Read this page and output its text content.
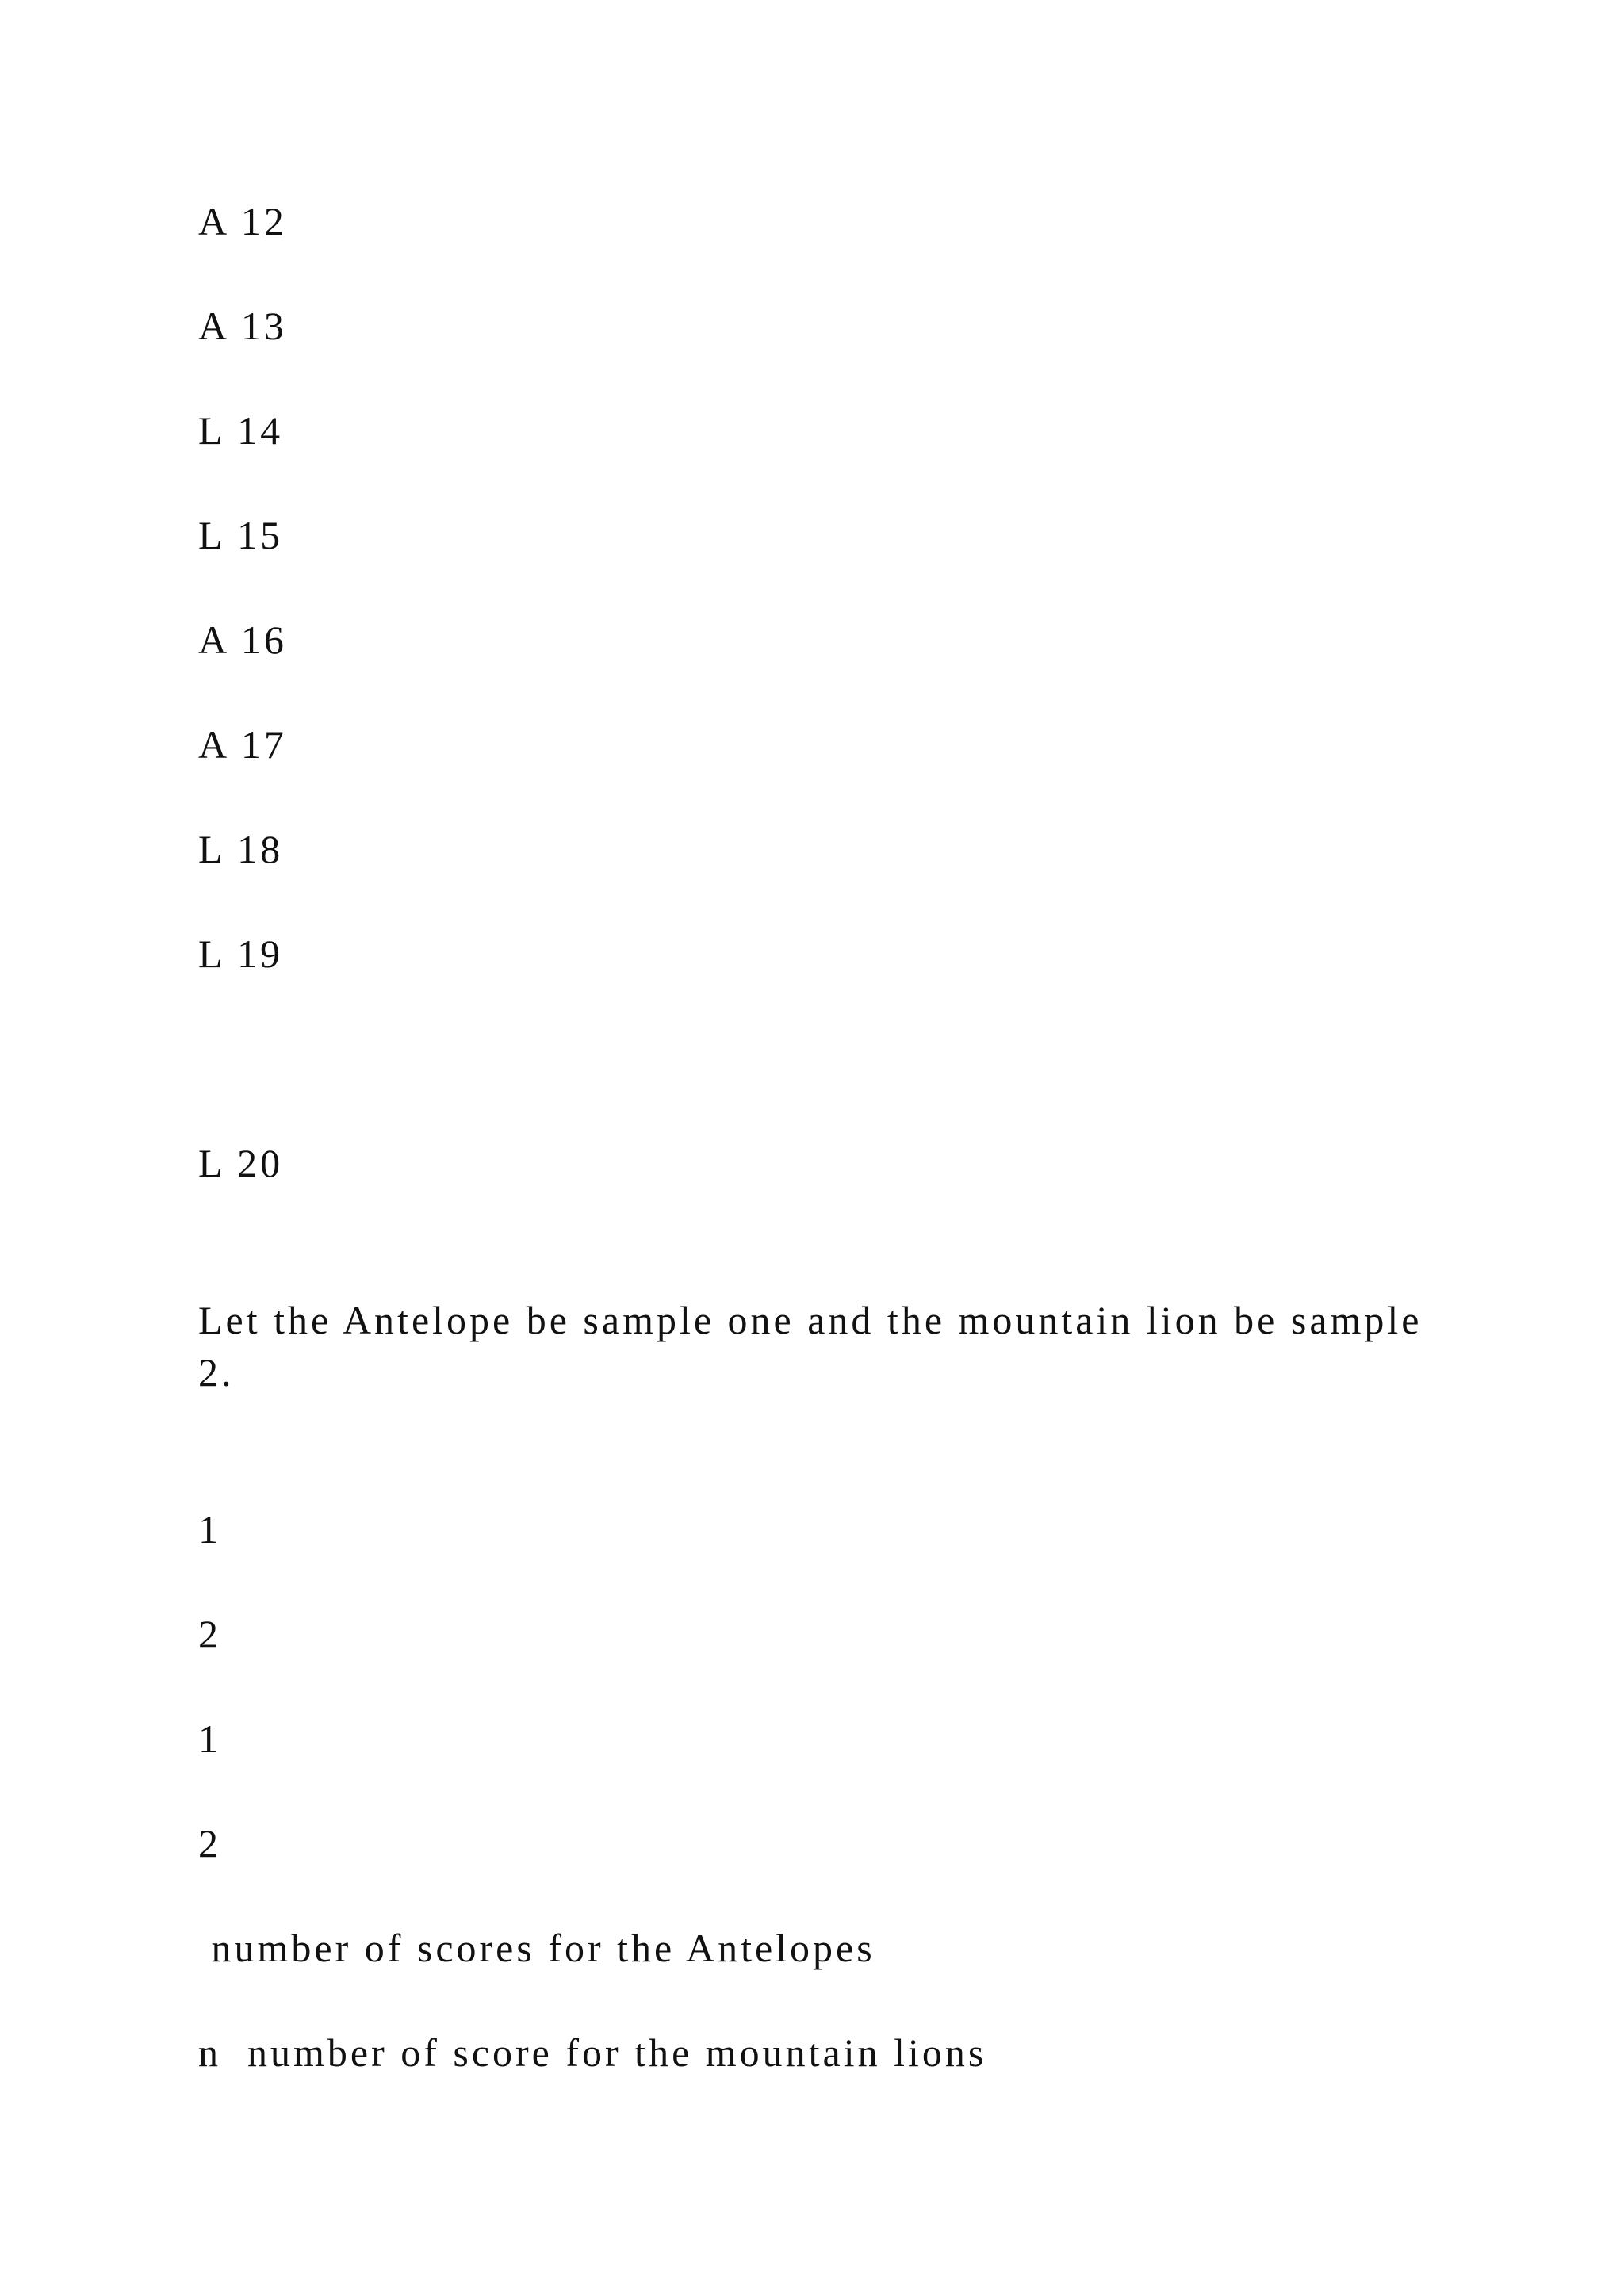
A 12
A 13
L 14
L 15
A 16
A 17
L 18
L 19
L 20
Let the Antelope be sample one and the mountain lion be sample 2.
1
2
1
2
number of scores for the Antelopes
n  number of score for the mountain lions
